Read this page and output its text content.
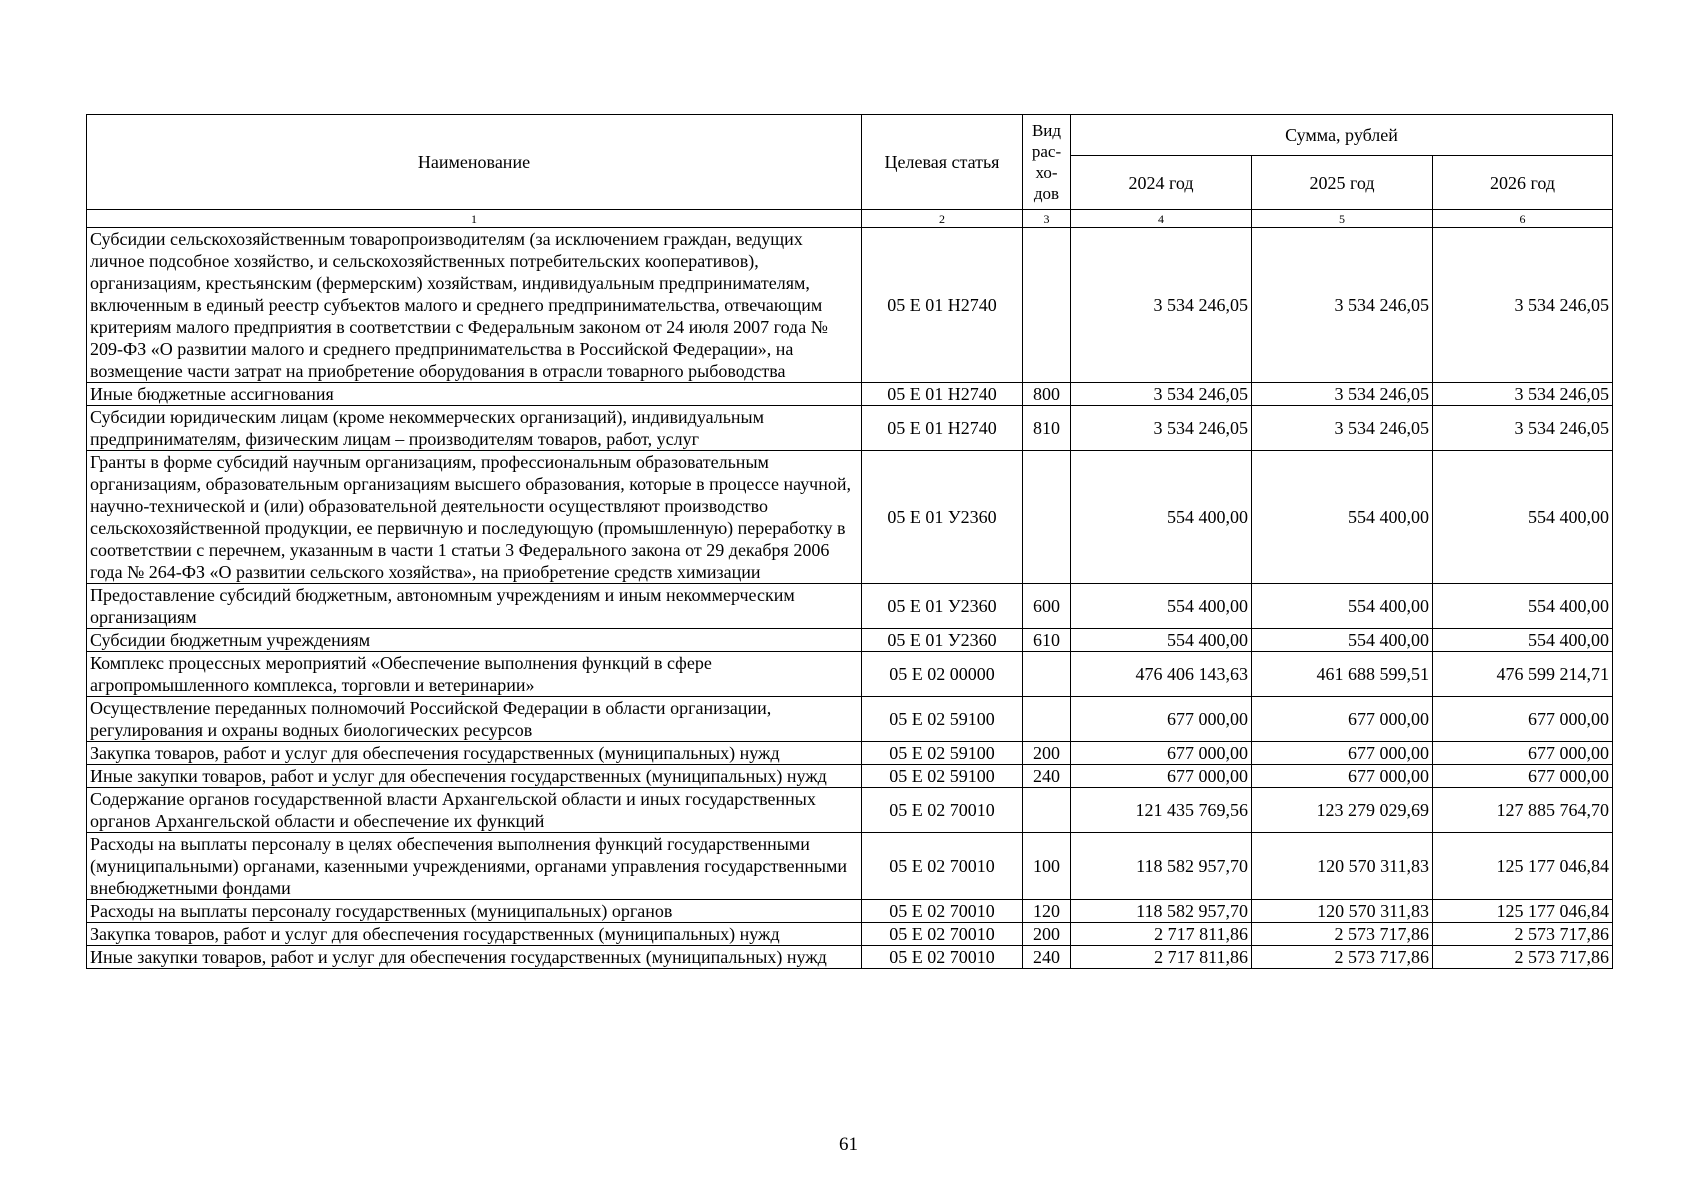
Наименование	Целевая статья	Вид рас-хо-дов	Сумма, рублей		
			2024 год	2025 год	2026 год
1	2	3	4	5	6
Субсидии сельскохозяйственным товаропроизводителям (за исключением граждан, ведущих личное подсобное хозяйство, и сельскохозяйственных потребительских кооперативов), организациям, крестьянским (фермерским) хозяйствам, индивидуальным предпринимателям, включенным в единый реестр субъектов малого и среднего предпринимательства, отвечающим критериям малого предприятия в соответствии с Федеральным законом от 24 июля 2007 года № 209-ФЗ «О развитии малого и среднего предпринимательства в Российской Федерации», на возмещение части затрат на приобретение оборудования в отрасли товарного рыбоводства	05 Е 01 Н2740		3 534 246,05	3 534 246,05	3 534 246,05
Иные бюджетные ассигнования	05 Е 01 Н2740	800	3 534 246,05	3 534 246,05	3 534 246,05
Субсидии юридическим лицам (кроме некоммерческих организаций), индивидуальным предпринимателям, физическим лицам – производителям товаров, работ, услуг	05 Е 01 Н2740	810	3 534 246,05	3 534 246,05	3 534 246,05
Гранты в форме субсидий научным организациям, профессиональным образовательным организациям, образовательным организациям высшего образования, которые в процессе научной, научно-технической и (или) образовательной деятельности осуществляют производство сельскохозяйственной продукции, ее первичную и последующую (промышленную) переработку в соответствии с перечнем, указанным в части 1 статьи 3 Федерального закона от 29 декабря 2006 года № 264-ФЗ «О развитии сельского хозяйства», на приобретение средств химизации	05 Е 01 У2360		554 400,00	554 400,00	554 400,00
Предоставление субсидий бюджетным, автономным учреждениям и иным некоммерческим организациям	05 Е 01 У2360	600	554 400,00	554 400,00	554 400,00
Субсидии бюджетным учреждениям	05 Е 01 У2360	610	554 400,00	554 400,00	554 400,00
Комплекс процессных мероприятий «Обеспечение выполнения функций в сфере агропромышленного комплекса, торговли и ветеринарии»	05 Е 02 00000		476 406 143,63	461 688 599,51	476 599 214,71
Осуществление переданных полномочий Российской Федерации в области организации, регулирования и охраны водных биологических ресурсов	05 Е 02 59100		677 000,00	677 000,00	677 000,00
Закупка товаров, работ и услуг для обеспечения государственных (муниципальных) нужд	05 Е 02 59100	200	677 000,00	677 000,00	677 000,00
Иные закупки товаров, работ и услуг для обеспечения государственных (муниципальных) нужд	05 Е 02 59100	240	677 000,00	677 000,00	677 000,00
Содержание органов государственной власти Архангельской области и иных государственных органов Архангельской области и обеспечение их функций	05 Е 02 70010		121 435 769,56	123 279 029,69	127 885 764,70
Расходы на выплаты персоналу в целях обеспечения выполнения функций государственными (муниципальными) органами, казенными учреждениями, органами управления государственными внебюджетными фондами	05 Е 02 70010	100	118 582 957,70	120 570 311,83	125 177 046,84
Расходы на выплаты персоналу государственных (муниципальных) органов	05 Е 02 70010	120	118 582 957,70	120 570 311,83	125 177 046,84
Закупка товаров, работ и услуг для обеспечения государственных (муниципальных) нужд	05 Е 02 70010	200	2 717 811,86	2 573 717,86	2 573 717,86
Иные закупки товаров, работ и услуг для обеспечения государственных (муниципальных) нужд	05 Е 02 70010	240	2 717 811,86	2 573 717,86	2 573 717,86
61
